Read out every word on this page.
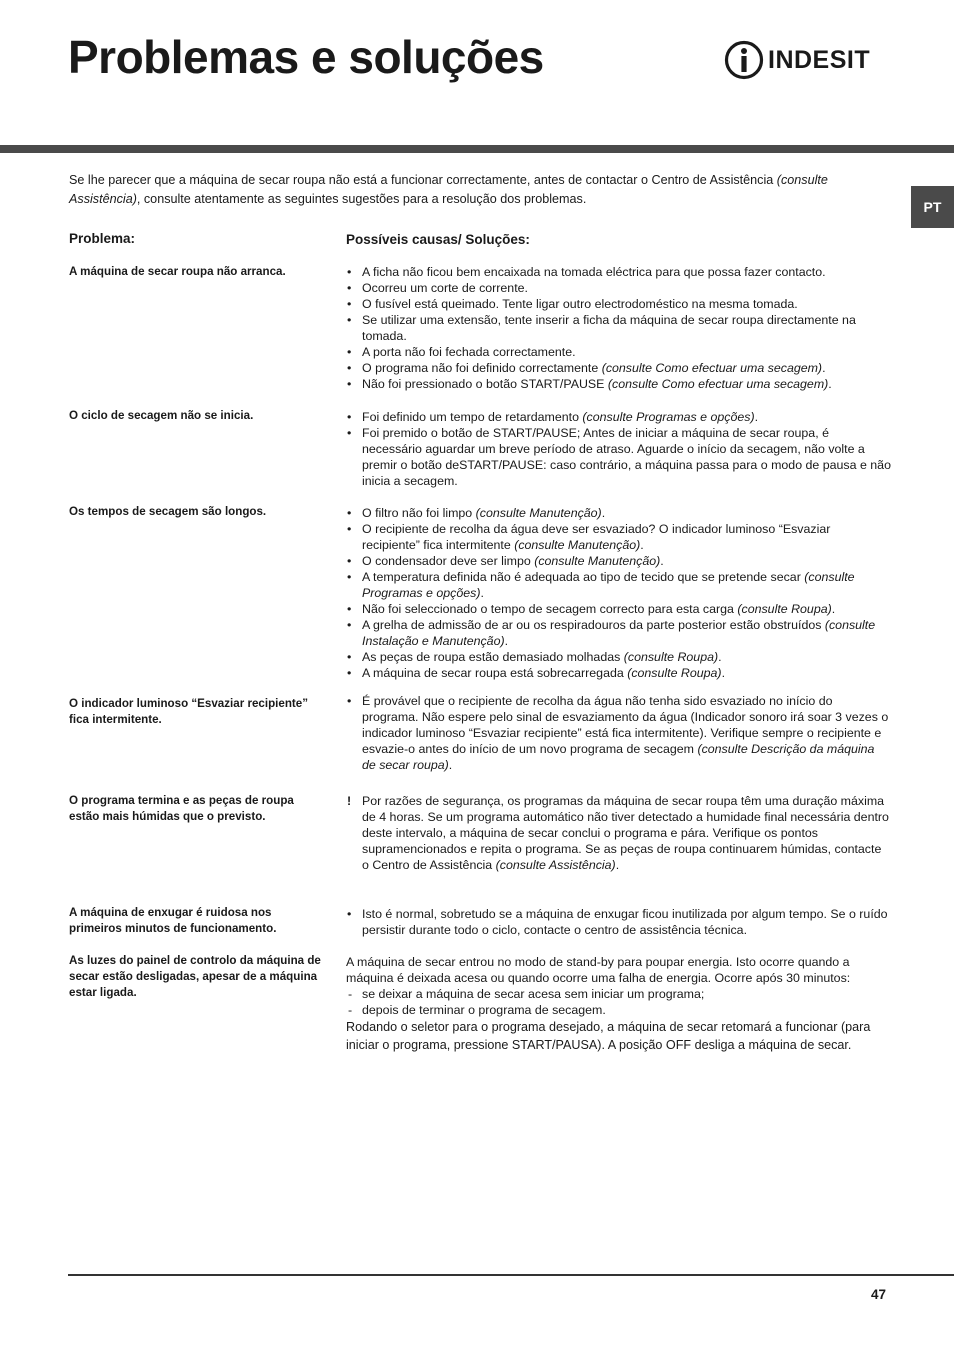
Problemas e soluções	INDESIT
PT

Se lhe parecer que a máquina de secar roupa não está a funcionar correctamente, antes de contactar o Centro de Assistência (consulte Assistência), consulte atentamente as seguintes sugestões para a resolução dos problemas.

Problema:	Possíveis causas/ Soluções:

A máquina de secar roupa não arranca.

O ciclo de secagem não se inicia.

Os tempos de secagem são longos.

O indicador luminoso “Esvaziar recipiente” fica intermitente.

O programa termina e as peças de roupa estão mais húmidas que o previsto.

A máquina de enxugar é ruidosa nos primeiros minutos de funcionamento.

As luzes do painel de controlo da máquina de secar estão desligadas, apesar de a máquina estar ligada.

• A ficha não ficou bem encaixada na tomada eléctrica para que possa fazer contacto.
• Ocorreu um corte de corrente.
• O fusível está queimado. Tente ligar outro electrodoméstico na mesma tomada.
• Se utilizar uma extensão, tente inserir a ficha da máquina de secar roupa directamente na tomada.
• A porta não foi fechada correctamente.
• O programa não foi definido correctamente (consulte Como efectuar uma secagem).
• Não foi pressionado o botão START/PAUSE (consulte Como efectuar uma secagem).
• Foi definido um tempo de retardamento (consulte Programas e opções).
• Foi premido o botão de START/PAUSE; Antes de iniciar a máquina de secar roupa, é necessário aguardar um breve período de atraso. Aguarde o início da secagem, não volte a premir o botão deSTART/PAUSE: caso contrário, a máquina passa para o modo de pausa e não inicia a secagem.
• O filtro não foi limpo (consulte Manutenção).
• O recipiente de recolha da água deve ser esvaziado? O indicador luminoso “Esvaziar recipiente” fica intermitente (consulte Manutenção).
• O condensador deve ser limpo (consulte Manutenção).
• A temperatura definida não é adequada ao tipo de tecido que se pretende secar (consulte Programas e opções).
• Não foi seleccionado o tempo de secagem correcto para esta carga (consulte Roupa).
• A grelha de admissão de ar ou os respiradouros da parte posterior estão obstruídos (consulte Instalação e Manutenção).
• As peças de roupa estão demasiado molhadas (consulte Roupa).
• A máquina de secar roupa está sobrecarregada (consulte Roupa).
• É provável que o recipiente de recolha da água não tenha sido esvaziado no início do programa. Não espere pelo sinal de esvaziamento da água (Indicador sonoro irá soar 3 vezes o indicador luminoso “Esvaziar recipiente” está fica intermitente). Verifique sempre o recipiente e esvazie-o antes do início de um novo programa de secagem (consulte Descrição da máquina de secar roupa).
! Por razões de segurança, os programas da máquina de secar roupa têm uma duração máxima de 4 horas. Se um programa automático não tiver detectado a humidade final necessária dentro deste intervalo, a máquina de secar conclui o programa e pára. Verifique os pontos supramencionados e repita o programa. Se as peças de roupa continuarem húmidas, contacte o Centro de Assistência (consulte Assistência).
• Isto é normal, sobretudo se a máquina de enxugar ficou inutilizada por algum tempo. Se o ruído persistir durante todo o ciclo, contacte o centro de assistência técnica.

A máquina de secar entrou no modo de stand-by para poupar energia. Isto ocorre quando a máquina é deixada acesa ou quando ocorre uma falha de energia. Ocorre após 30 minutos:

- se deixar a máquina de secar acesa sem iniciar um programa;
- depois de terminar o programa de secagem.

Rodando o seletor para o programa desejado, a máquina de secar retomará a funcionar (para iniciar o programa, pressione START/PAUSA). A posição OFF desliga a máquina de secar.

47
